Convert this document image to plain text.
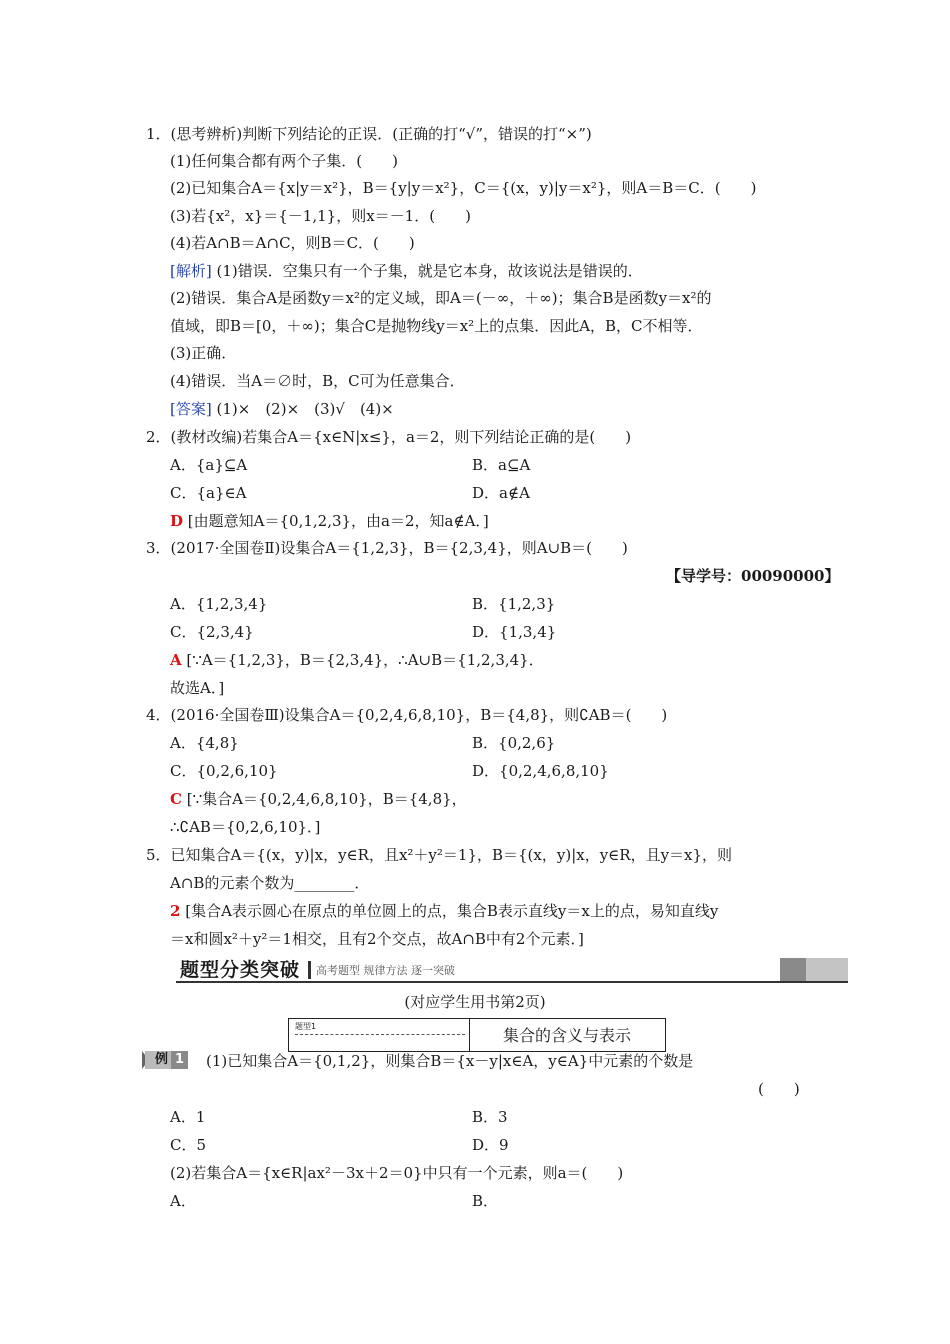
1．(思考辨析)判断下列结论的正误．(正确的打“√”，错误的打“×”)
(1)任何集合都有两个子集．(　　)
(2)已知集合A＝{x|y＝x²}，B＝{y|y＝x²}，C＝{(x，y)|y＝x²}，则A＝B＝C．(　　)
(3)若{x²，x}＝{－1,1}，则x＝－1．(　　)
(4)若A∩B＝A∩C，则B＝C．(　　)
[解析] (1)错误．空集只有一个子集，就是它本身，故该说法是错误的．
(2)错误．集合A是函数y＝x²的定义域，即A＝(－∞，＋∞)；集合B是函数y＝x²的
值域，即B＝[0，＋∞)；集合C是抛物线y＝x²上的点集．因此A，B，C不相等．
(3)正确．
(4)错误．当A＝∅时，B，C可为任意集合．
[答案] (1)×　(2)×　(3)√　(4)×
2．(教材改编)若集合A＝{x∈N|x≤}，a＝2，则下列结论正确的是(　　)
A．{a}⊆A	B．a⊆A
C．{a}∈A	D．a∉A
D [由题意知A＝{0,1,2,3}，由a＝2，知a∉A．]
3．(2017·全国卷Ⅱ)设集合A＝{1,2,3}，B＝{2,3,4}，则A∪B＝(　　)
【导学号：00090000】
A．{1,2,3,4}	B．{1,2,3}
C．{2,3,4}	D．{1,3,4}
A [∵A＝{1,2,3}，B＝{2,3,4}，∴A∪B＝{1,2,3,4}．
故选A．]
4．(2016·全国卷Ⅲ)设集合A＝{0,2,4,6,8,10}，B＝{4,8}，则∁AB＝(　　)
A．{4,8}	B．{0,2,6}
C．{0,2,6,10}	D．{0,2,4,6,8,10}
C [∵集合A＝{0,2,4,6,8,10}，B＝{4,8}，
∴∁AB＝{0,2,6,10}．]
5．已知集合A＝{(x，y)|x，y∈R，且x²＋y²＝1}，B＝{(x，y)|x，y∈R，且y＝x}，则
A∩B的元素个数为________．
2 [集合A表示圆心在原点的单位圆上的点，集合B表示直线y＝x上的点，易知直线y
＝x和圆x²＋y²＝1相交，且有2个交点，故A∩B中有2个元素．]
题型分类突破 高考题型 规律方法 逐一突破
(对应学生用书第2页)
题型1	集合的含义与表示
例 1 (1)已知集合A＝{0,1,2}，则集合B＝{x－y|x∈A，y∈A}中元素的个数是
(　　)
A．1	B．3
C．5	D．9
(2)若集合A＝{x∈R|ax²－3x＋2＝0}中只有一个元素，则a＝(　　)
A．	B．
